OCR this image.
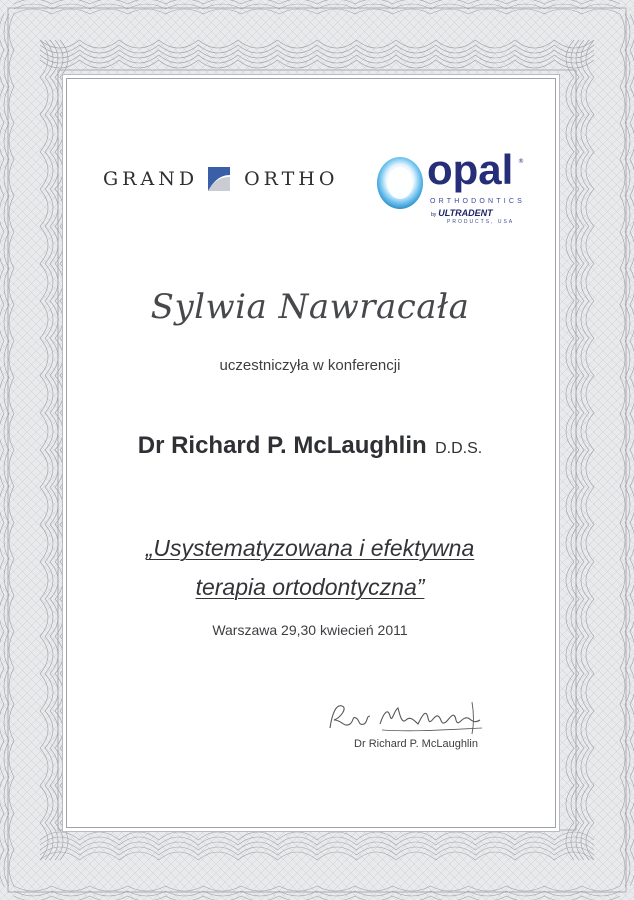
GRAND ORTHO opal ®
ORTHODONTICS
by ULTRADENT
PRODUCTS, USA
Sylwia Nawracała
uczestniczyła w konferencji
Dr Richard P. McLaughlin D.D.S.
„Usystematyzowana i efektywna
terapia ortodontyczna”
Warszawa 29,30 kwiecień 2011
Dr Richard P. McLaughlin
